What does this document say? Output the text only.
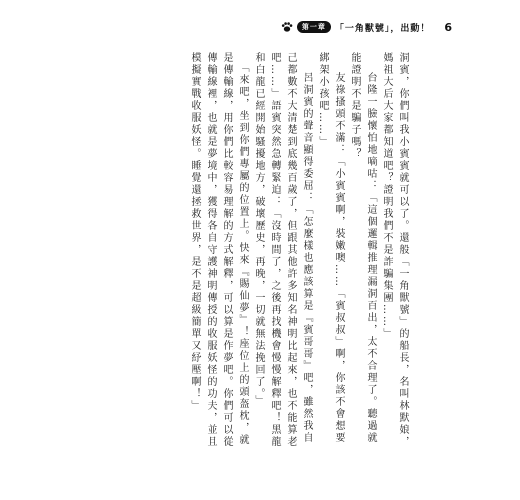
第一章	「一角獸號」，出動！ 6

洞賓，你們叫我小賓賓就可以了。還般「一角獸號」的船長，名叫林默娘，媽祖大后大家都知道吧？證明我們不是詐騙集團……」

台隆一臉懷怕地嘀咕：「這個邏輯推理漏洞百出，太不合理了。聽過就能證明不是騙子嗎？

友祿搔頭不滿：「小賓賓啊，裝嫩噢……「賓叔叔」啊，你該不會想要綁架小孩吧……」

呂洞賓的聲音顯得委屈：「怎麼樣也應該算是『賓哥哥』吧，雖然我自己都數不大清楚到底幾百歲了，但跟其他許多知名神明比起來，也不能算老吧……」語賓突然急轉緊迫：「沒時間了，之後再找機會慢慢解釋吧！黑龍和白龍已經開始騷擾地方，破壞歷史，再晚，一切就無法挽回了。」

「來吧，坐到你們專屬的位置上。快來『賜仙夢』！座位上的頭盔枕，就是傳輸線，用你們比較容易理解的方式解釋，可以算是作夢吧。你們可以從傳輸線裡，也就是夢境中，獲得各自守護神明傳授的收服妖怪的功夫，並且模擬實戰收服妖怪。睡覺還拯救世界，是不是超級簡單又紓壓啊！」
